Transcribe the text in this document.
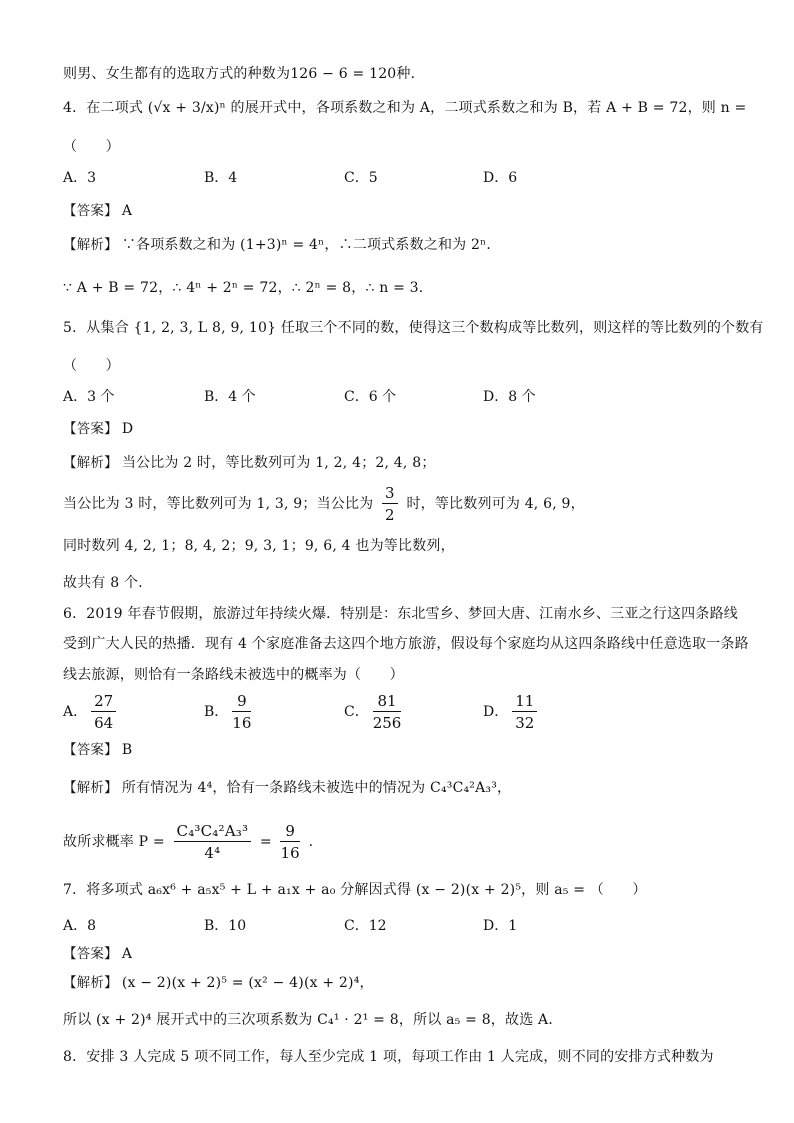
则男、女生都有的选取方式的种数为126 − 6 = 120种．
4．在二项式 (√x + 3/x)ⁿ 的展开式中，各项系数之和为 A，二项式系数之和为 B，若 A + B = 72，则 n =
（　　）
A．3	B．4	C．5	D．6
【答案】 A
【解析】 ∵各项系数之和为 (1+3)ⁿ = 4ⁿ，∴二项式系数之和为 2ⁿ．
∵ A + B = 72，∴ 4ⁿ + 2ⁿ = 72，∴ 2ⁿ = 8，∴ n = 3．
5．从集合 {1, 2, 3, L 8, 9, 10} 任取三个不同的数，使得这三个数构成等比数列，则这样的等比数列的个数有
（　　）
A．3 个	B．4 个	C．6 个	D．8 个
【答案】 D
【解析】 当公比为 2 时，等比数列可为 1, 2, 4；2, 4, 8；
当公比为 3 时，等比数列可为 1, 3, 9；当公比为 $\frac{3}{2}$ 时，等比数列可为 4, 6, 9，
同时数列 4, 2, 1；8, 4, 2；9, 3, 1；9, 6, 4 也为等比数列，
故共有 8 个．
6．2019 年春节假期，旅游过年持续火爆．特别是：东北雪乡、梦回大唐、江南水乡、三亚之行这四条路线
受到广大人民的热播．现有 4 个家庭准备去这四个地方旅游，假设每个家庭均从这四条路线中任意选取一条路
线去旅源，则恰有一条路线未被选中的概率为（　　）
A． $\frac{27}{64}$	B． $\frac{9}{16}$	C． $\frac{81}{256}$	D． $\frac{11}{32}$
【答案】 B
【解析】 所有情况为 4⁴，恰有一条路线未被选中的情况为 C₄³C₄²A₃³，
故所求概率 $P = \frac{\text{C₄³C₄²A₃³}}{\text{4⁴}} = \frac{9}{16}$ .
7．将多项式 a₆x⁶ + a₅x⁵ + L + a₁x + a₀ 分解因式得 (x − 2)(x + 2)⁵，则 a₅ = （　　）
A．8	B．10	C．12	D．1
【答案】 A
【解析】 (x − 2)(x + 2)⁵ = (x² − 4)(x + 2)⁴，
所以 (x + 2)⁴ 展开式中的三次项系数为 C₄¹ · 2¹ = 8，所以 a₅ = 8，故选 A．
8．安排 3 人完成 5 项不同工作，每人至少完成 1 项，每项工作由 1 人完成，则不同的安排方式种数为
